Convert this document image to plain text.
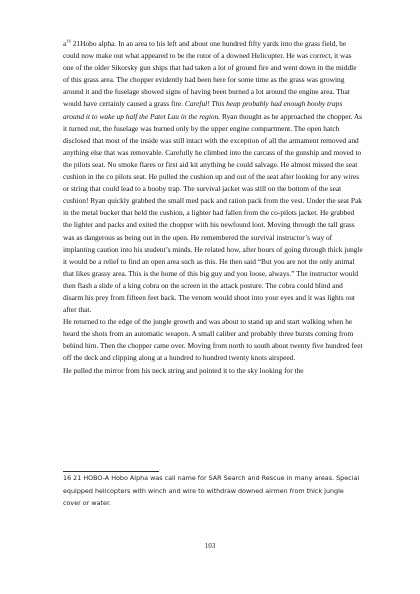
$a^{16}$ 21Hobo alpha. In an area to his left and about one hundred fifty yards into the grass field, he could now make out what appeared to be the rotor of a downed Helicopter. He was correct, it was one of the older Sikorsky gun ships that had taken a lot of ground fire and went down in the middle of this grass area. The chopper evidently had been here for some time as the grass was growing around it and the fuselage showed signs of having been burned a lot around the engine area. That would have certainly caused a grass fire. Careful! This heap probably had enough booby traps around it to wake up half the Patet Lau in the region. Ryan thought as he approached the chopper. As it turned out, the fuselage was burned only by the upper engine compartment. The open hatch disclosed that most of the inside was still intact with the exception of all the armament removed and anything else that was removable. Carefully he climbed into the carcass of the gunship and moved to the pilots seat. No smoke flares or first aid kit anything he could salvage. He almost missed the seat cushion in the co pilots seat. He pulled the cushion up and out of the seat after looking for any wires or string that could lead to a booby trap. The survival jacket was still on the bottom of the seat cushion! Ryan quickly grabbed the small med pack and ration pack from the vest. Under the seat Pak in the metal bucket that held the cushion, a lighter had fallen from the co-pilots jacket. He grabbed the lighter and packs and exited the chopper with his newfound loot. Moving through the tall grass was as dangerous as being out in the open. He remembered the survival instructor’s way of implanting caution into his student’s minds. He related how, after hours of going through thick jungle it would be a relief to find an open area such as this. He then said “But you are not the only animal that likes grassy area. This is the home of this big guy and you loose, always.” The instructor would then flash a slide of a king cobra on the screen in the attack posture. The cobra could blind and disarm his prey from fifteen feet back. The venom would shoot into your eyes and it was lights out after that.

He returned to the edge of the jungle growth and was about to stand up and start walking when he heard the shots from an automatic weapon. A small caliber and probably three bursts coming from behind him. Then the chopper came over. Moving from north to south about twenty five hundred feet off the deck and clipping along at a hundred to hundred twenty knots airspeed.

He pulled the mirror from his neck string and pointed it to the sky looking for the

16 21 HOBO-A Hobo Alpha was call name for SAR Search and Rescue in many areas. Special equipped helicopters with winch and wire to withdraw downed airmen from thick jungle cover or water.
103
